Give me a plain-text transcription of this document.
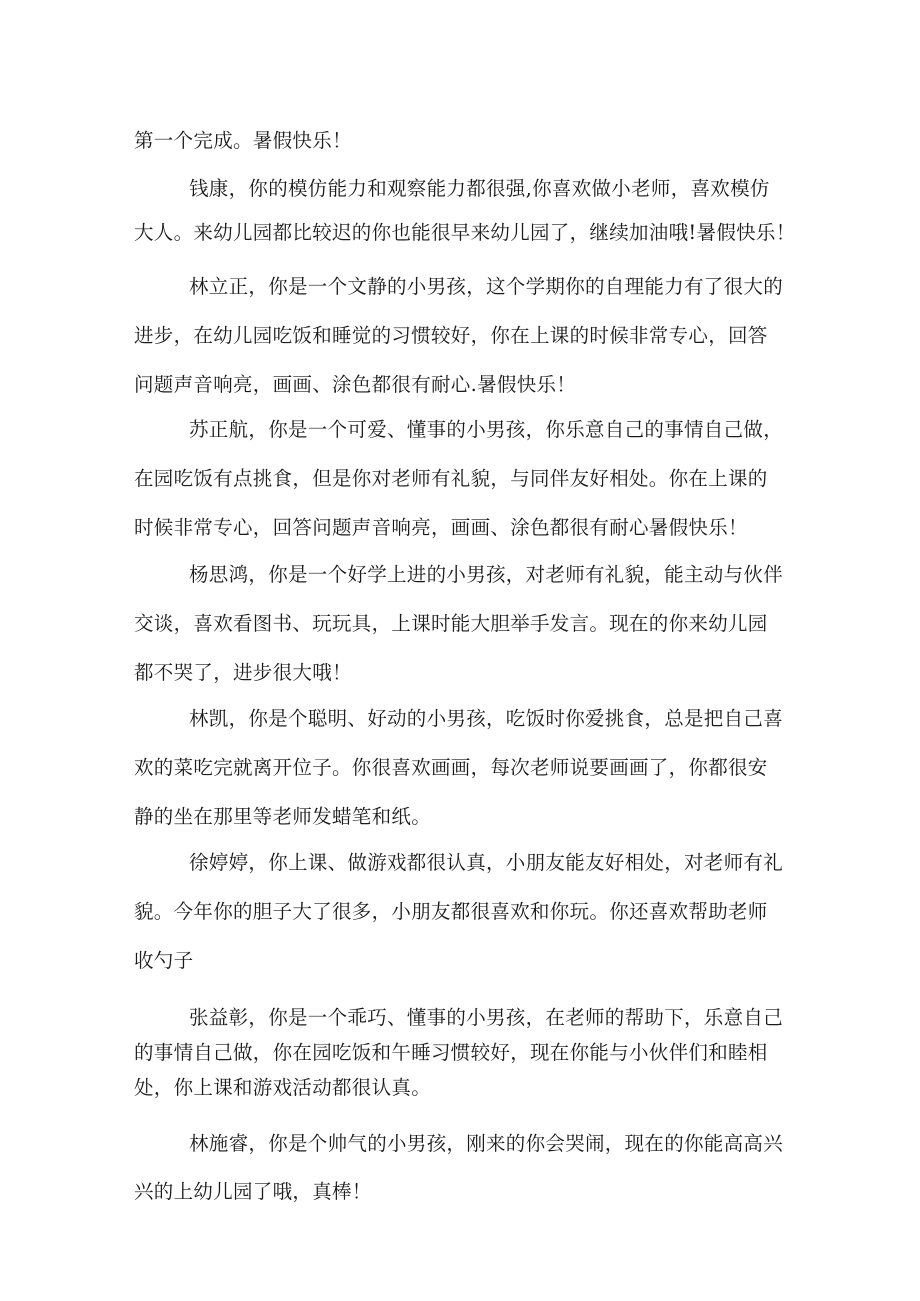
第一个完成。暑假快乐！

钱康，你的模仿能力和观察能力都很强,你喜欢做小老师，喜欢模仿
大人。来幼儿园都比较迟的你也能很早来幼儿园了，继续加油哦!暑假快乐！

林立正，你是一个文静的小男孩，这个学期你的自理能力有了很大的
进步，在幼儿园吃饭和睡觉的习惯较好，你在上课的时候非常专心，回答
问题声音响亮，画画、涂色都很有耐心.暑假快乐！

苏正航，你是一个可爱、懂事的小男孩，你乐意自己的事情自己做，
在园吃饭有点挑食，但是你对老师有礼貌，与同伴友好相处。你在上课的
时候非常专心，回答问题声音响亮，画画、涂色都很有耐心暑假快乐！

杨思鸿，你是一个好学上进的小男孩，对老师有礼貌，能主动与伙伴
交谈，喜欢看图书、玩玩具，上课时能大胆举手发言。现在的你来幼儿园
都不哭了，进步很大哦！

林凯，你是个聪明、好动的小男孩，吃饭时你爱挑食，总是把自己喜
欢的菜吃完就离开位子。你很喜欢画画，每次老师说要画画了，你都很安
静的坐在那里等老师发蜡笔和纸。

徐婷婷，你上课、做游戏都很认真，小朋友能友好相处，对老师有礼
貌。今年你的胆子大了很多，小朋友都很喜欢和你玩。你还喜欢帮助老师
收勺子

张益彰，你是一个乖巧、懂事的小男孩，在老师的帮助下，乐意自己
的事情自己做，你在园吃饭和午睡习惯较好，现在你能与小伙伴们和睦相
处，你上课和游戏活动都很认真。

林施睿，你是个帅气的小男孩，刚来的你会哭闹，现在的你能高高兴
兴的上幼儿园了哦，真棒！
